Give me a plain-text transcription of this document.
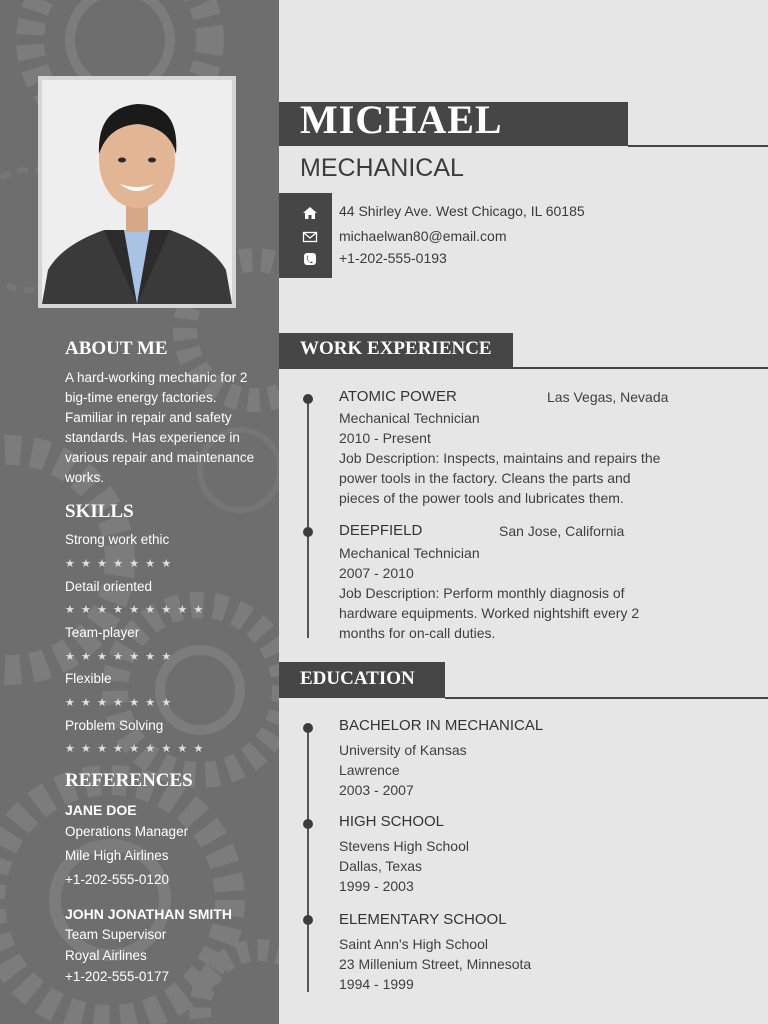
ABOUT ME
A hard-working mechanic for 2
big-time energy factories.
Familiar in repair and safety
standards. Has experience in
various repair and maintenance
works.
SKILLS
Strong work ethic
★★★★★★★
Detail oriented
★★★★★★★★★
Team-player
★★★★★★★
Flexible
★★★★★★★
Problem Solving
★★★★★★★★★
REFERENCES
JANE DOE
Operations Manager
Mile High Airlines
+1-202-555-0120
JOHN JONATHAN SMITH
Team Supervisor
Royal Airlines
+1-202-555-0177
MICHAEL
MECHANICAL
44 Shirley Ave. West Chicago, IL 60185
michaelwan80@email.com
+1-202-555-0193
WORK EXPERIENCE
ATOMIC POWER
Mechanical Technician
2010 - Present
Job Description: Inspects, maintains and repairs the
power tools in the factory. Cleans the parts and
pieces of the power tools and lubricates them.
Las Vegas, Nevada
DEEPFIELD
Mechanical Technician
2007 - 2010
Job Description: Perform monthly diagnosis of
hardware equipments. Worked nightshift every 2
months for on-call duties.
San Jose, California
EDUCATION
BACHELOR IN MECHANICAL
University of Kansas
Lawrence
2003 - 2007
HIGH SCHOOL
Stevens High School
Dallas, Texas
1999 - 2003
ELEMENTARY SCHOOL
Saint Ann's High School
23 Millenium Street, Minnesota
1994 - 1999
